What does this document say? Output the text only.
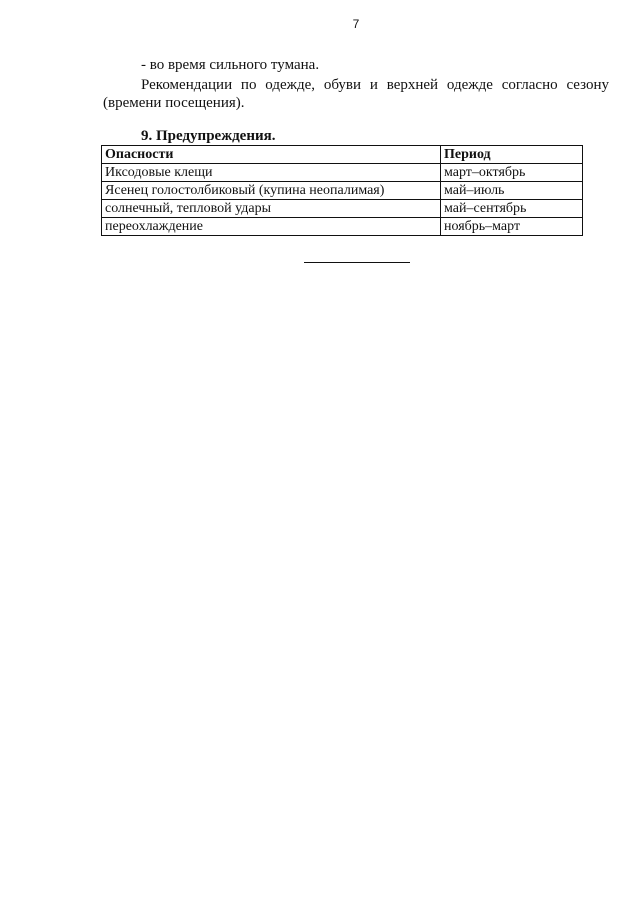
7
- во время сильного тумана.
Рекомендации по одежде, обуви и верхней одежде согласно сезону
(времени посещения).
9. Предупреждения.
Опасности	Период
Иксодовые клещи	март–октябрь
Ясенец голостолбиковый (купина неопалимая)	май–июль
солнечный, тепловой удары	май–сентябрь
переохлаждение	ноябрь–март
